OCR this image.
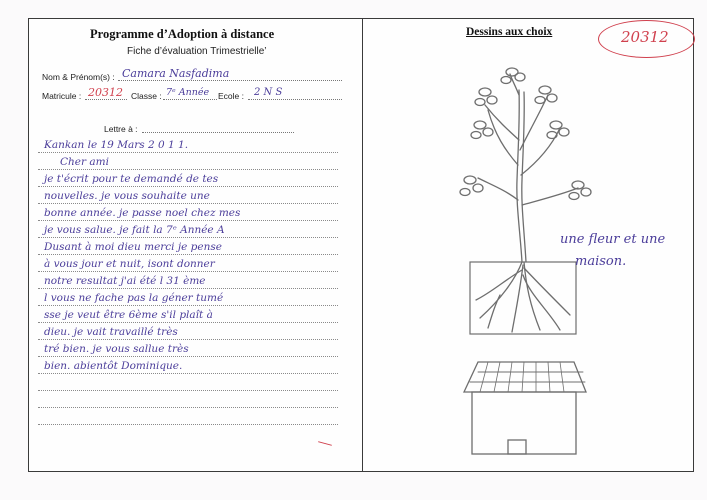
Programme d’Adoption à distance
Fiche d’évaluation Trimestrielle’
Nom & Prénom(s) : Camara Nasfadima
Matricule : 20312 Classe : 7ᵉ Année Ecole : 2 N S
Lettre à :
Kankan le 19 Mars 2 0 1 1.
Cher ami
je t'écrit pour te demandé de tes
nouvelles. je vous souhaite une
bonne année. je passe noel chez mes
je vous salue. je fait la 7ᵉ Année A
Dusant à moi dieu merci je pense
à vous jour et nuit, isont donner
notre resultat j'ai été l 31 ème
l vous ne fache pas la géner tumé
sse je veut être 6ème s'il plaît à
dieu. je vait travaillé très
tré bien. je vous sallue très
bien. abientôt Dominique.
Dessins aux choix	20312
une fleur et une
maison.
